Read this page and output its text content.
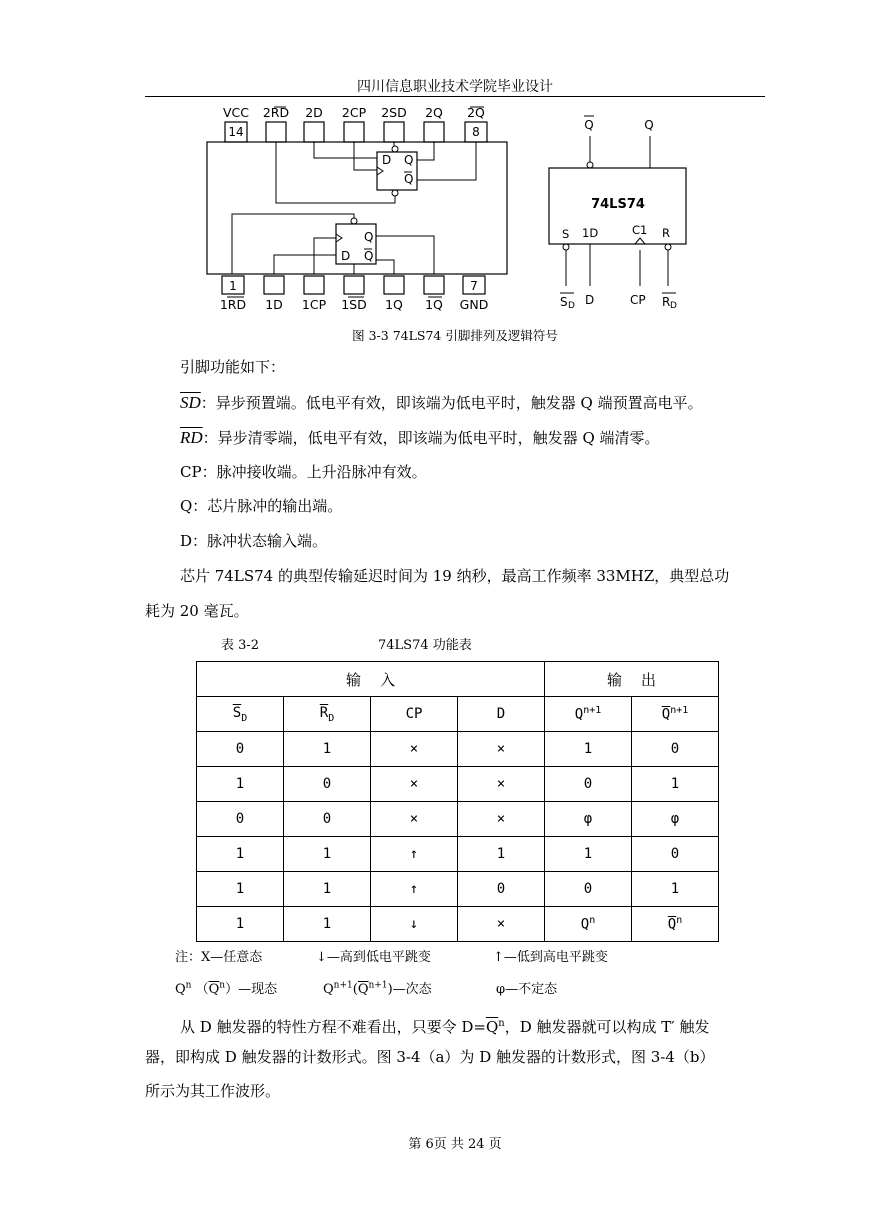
四川信息职业技术学院毕业设计
14	8
VCC 2RD 2D 2CP 2SD 2Q 2Q
D Q
Q
Q
D Q
1	7
1RD 1D 1CP 1SD 1Q 1Q GND
74LS74
Q	Q
S 1D	C1 R
S D D	CP R D
图 3-3 74LS74 引脚排列及逻辑符号
引脚功能如下：
$\overline{SD}$：异步预置端。低电平有效，即该端为低电平时，触发器 Q 端预置高电平。
$\overline{RD}$：异步清零端，低电平有效，即该端为低电平时，触发器 Q 端清零。
CP：脉冲接收端。上升沿脉冲有效。
Q：芯片脉冲的输出端。
D：脉冲状态输入端。
芯片 74LS74 的典型传输延迟时间为 19 纳秒，最高工作频率 33MHZ，典型总功
耗为 20 毫瓦。
表 3-2	74LS74 功能表
输    入				输    出	
$\overline{S}_D$	$\overline{R}_D$	CP	D	$Q^{n+1}$	$\overline{Q}^{n+1}$
0	1	×	×	1	0
1	0	×	×	0	1
0	0	×	×	φ	φ
1	1	↑	1	1	0
1	1	↑	0	0	1
1	1	↓	×	$Q^n$	$\overline{Q}^n$
注：X—任意态	↓—高到低电平跳变	↑—低到高电平跳变
$Q^n$ $(\overline{Q}^n)—$现态	$Q^{n+1}(\overline{Q}^{n+1})—$次态	φ—不定态
从 D 触发器的特性方程不难看出，只要令 $D=\overline{Q}^n$，D 触发器就可以构成 T′ 触发
器，即构成 D 触发器的计数形式。图 3-4（a）为 D 触发器的计数形式，图 3-4（b）
所示为其工作波形。
第 6页 共 24 页
